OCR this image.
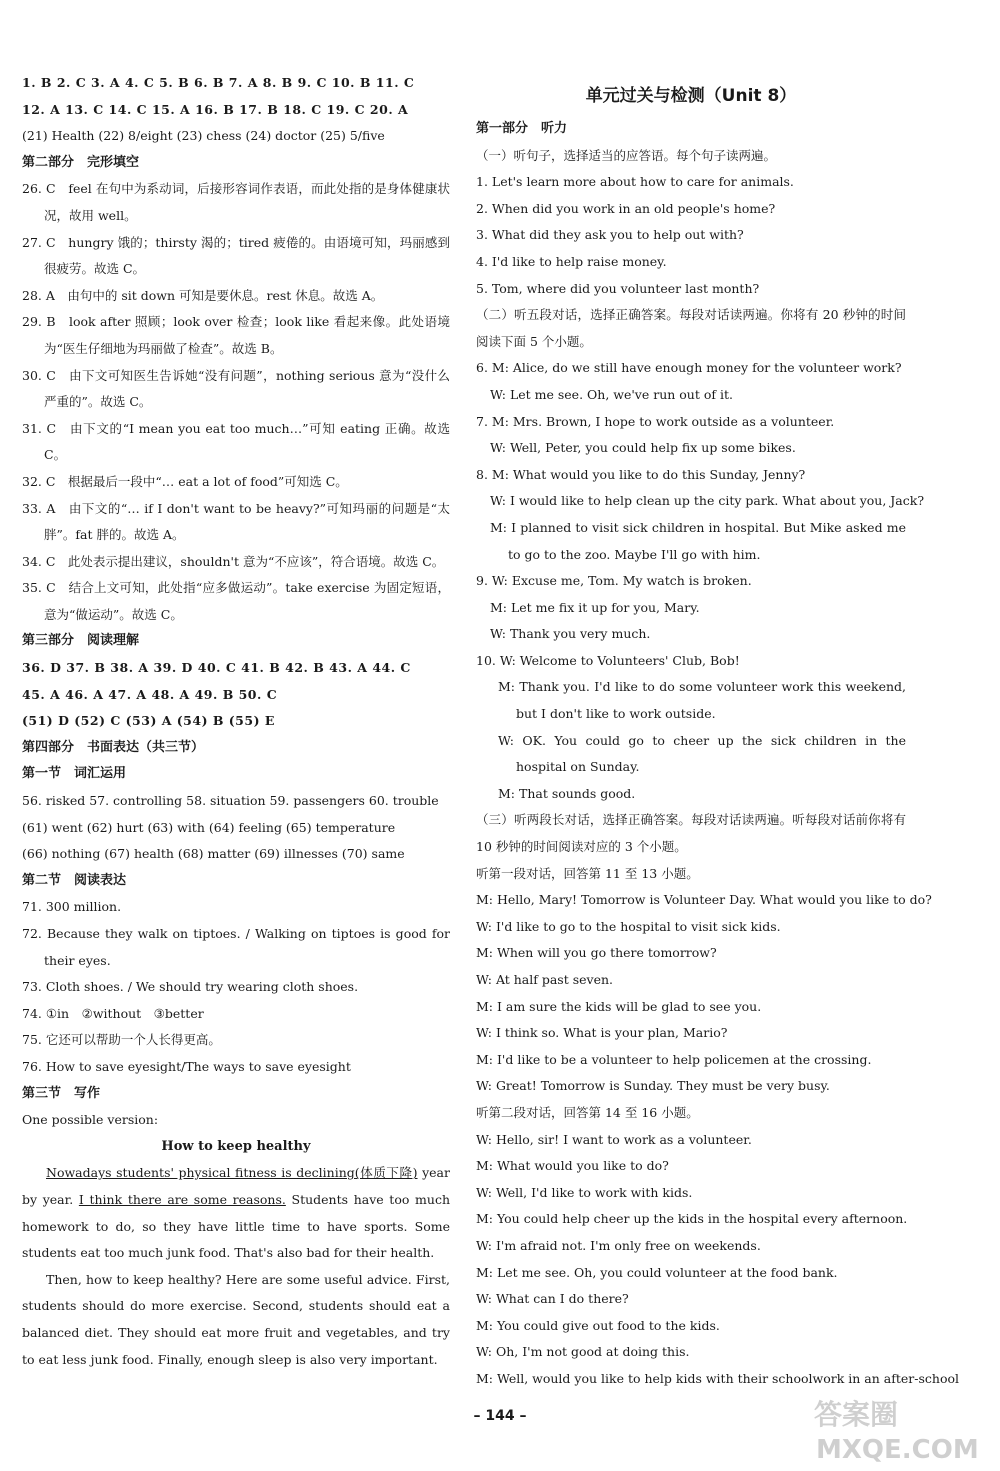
1. B 2. C 3. A 4. C 5. B 6. B 7. A 8. B 9. C 10. B 11. C
12. A 13. C 14. C 15. A 16. B 17. B 18. C 19. C 20. A
(21) Health (22) 8/eight (23) chess (24) doctor (25) 5/five
第二部分　完形填空
26. C　feel 在句中为系动词，后接形容词作表语，而此处指的是身体健康状况，故用 well。
27. C　hungry 饿的；thirsty 渴的；tired 疲倦的。由语境可知，玛丽感到很疲劳。故选 C。
28. A　由句中的 sit down 可知是要休息。rest 休息。故选 A。
29. B　look after 照顾；look over 检查；look like 看起来像。此处语境为“医生仔细地为玛丽做了检查”。故选 B。
30. C　由下文可知医生告诉她“没有问题”，nothing serious 意为“没什么严重的”。故选 C。
31. C　由下文的“I mean you eat too much…”可知 eating 正确。故选 C。
32. C　根据最后一段中“… eat a lot of food”可知选 C。
33. A　由下文的“… if I don't want to be heavy?”可知玛丽的问题是“太胖”。fat 胖的。故选 A。
34. C　此处表示提出建议，shouldn't 意为“不应该”，符合语境。故选 C。
35. C　结合上文可知，此处指“应多做运动”。take exercise 为固定短语，意为“做运动”。故选 C。
第三部分　阅读理解
36. D 37. B 38. A 39. D 40. C 41. B 42. B 43. A 44. C
45. A 46. A 47. A 48. A 49. B 50. C
(51) D (52) C (53) A (54) B (55) E
第四部分　书面表达（共三节）
第一节　词汇运用
56. risked 57. controlling 58. situation 59. passengers 60. trouble
(61) went (62) hurt (63) with (64) feeling (65) temperature
(66) nothing (67) health (68) matter (69) illnesses (70) same
第二节　阅读表达
71. 300 million.
72. Because they walk on tiptoes. / Walking on tiptoes is good for their eyes.
73. Cloth shoes. / We should try wearing cloth shoes.
74. ①in　②without　③better
75. 它还可以帮助一个人长得更高。
76. How to save eyesight/The ways to save eyesight
第三节　写作
One possible version:
How to keep healthy
Nowadays students' physical fitness is declining(体质下降) year by year. I think there are some reasons. Students have too much homework to do, so they have little time to have sports. Some students eat too much junk food. That's also bad for their health.
Then, how to keep healthy? Here are some useful advice. First, students should do more exercise. Second, students should eat a balanced diet. They should eat more fruit and vegetables, and try to eat less junk food. Finally, enough sleep is also very important.
单元过关与检测（Unit 8）
第一部分　听力
（一）听句子，选择适当的应答语。每个句子读两遍。
1. Let's learn more about how to care for animals.
2. When did you work in an old people's home?
3. What did they ask you to help out with?
4. I'd like to help raise money.
5. Tom, where did you volunteer last month?
（二）听五段对话，选择正确答案。每段对话读两遍。你将有 20 秒钟的时间阅读下面 5 个小题。
6. M: Alice, do we still have enough money for the volunteer work?
W: Let me see. Oh, we've run out of it.
7. M: Mrs. Brown, I hope to work outside as a volunteer.
W: Well, Peter, you could help fix up some bikes.
8. M: What would you like to do this Sunday, Jenny?
W: I would like to help clean up the city park. What about you, Jack?
M: I planned to visit sick children in hospital. But Mike asked me to go to the zoo. Maybe I'll go with him.
9. W: Excuse me, Tom. My watch is broken.
M: Let me fix it up for you, Mary.
W: Thank you very much.
10. W: Welcome to Volunteers' Club, Bob!
M: Thank you. I'd like to do some volunteer work this weekend, but I don't like to work outside.
W: OK. You could go to cheer up the sick children in the hospital on Sunday.
M: That sounds good.
（三）听两段长对话，选择正确答案。每段对话读两遍。听每段对话前你将有 10 秒钟的时间阅读对应的 3 个小题。
听第一段对话，回答第 11 至 13 小题。
M: Hello, Mary! Tomorrow is Volunteer Day. What would you like to do?
W: I'd like to go to the hospital to visit sick kids.
M: When will you go there tomorrow?
W: At half past seven.
M: I am sure the kids will be glad to see you.
W: I think so. What is your plan, Mario?
M: I'd like to be a volunteer to help policemen at the crossing.
W: Great! Tomorrow is Sunday. They must be very busy.
听第二段对话，回答第 14 至 16 小题。
W: Hello, sir! I want to work as a volunteer.
M: What would you like to do?
W: Well, I'd like to work with kids.
M: You could help cheer up the kids in the hospital every afternoon.
W: I'm afraid not. I'm only free on weekends.
M: Let me see. Oh, you could volunteer at the food bank.
W: What can I do there?
M: You could give out food to the kids.
W: Oh, I'm not good at doing this.
M: Well, would you like to help kids with their schoolwork in an after-school
– 144 –	答案圈
MXQE.COM
